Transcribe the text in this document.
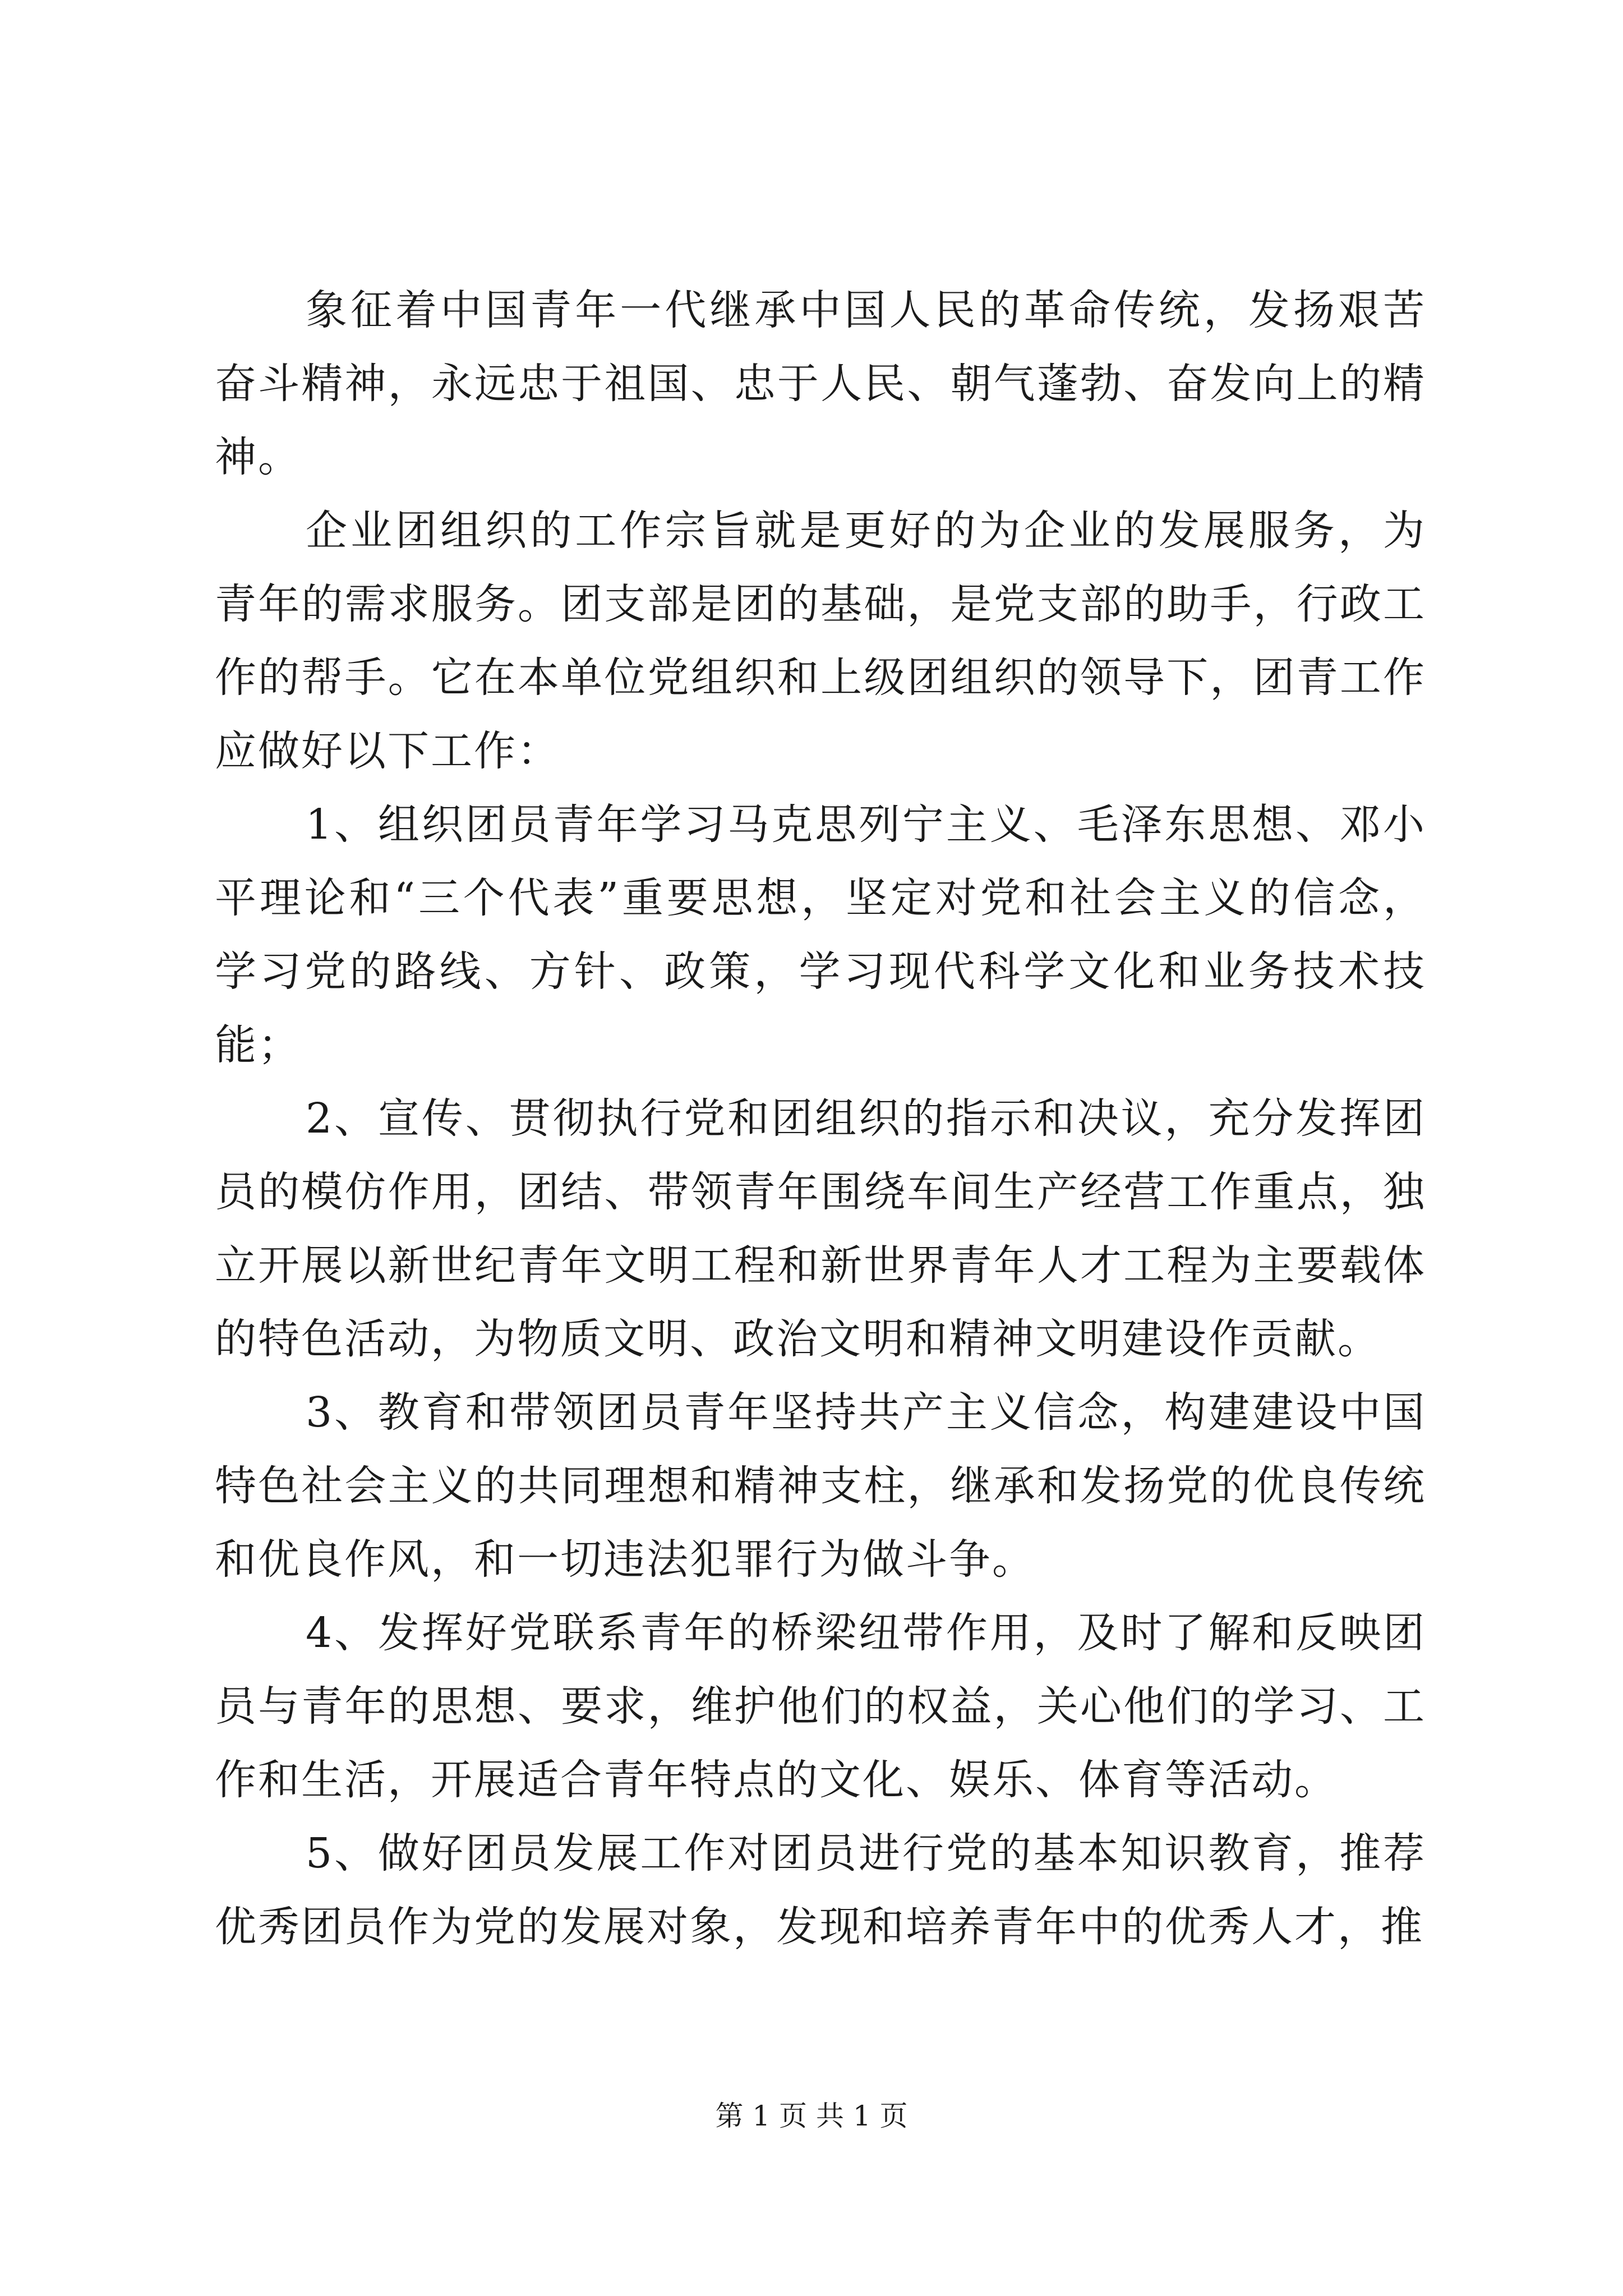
象征着中国青年一代继承中国人民的革命传统，发扬艰苦奋斗精神，永远忠于祖国、忠于人民、朝气蓬勃、奋发向上的精神。

企业团组织的工作宗旨就是更好的为企业的发展服务，为青年的需求服务。团支部是团的基础，是党支部的助手，行政工作的帮手。它在本单位党组织和上级团组织的领导下，团青工作应做好以下工作：

1、组织团员青年学习马克思列宁主义、毛泽东思想、邓小平理论和“三个代表”重要思想，坚定对党和社会主义的信念，学习党的路线、方针、政策，学习现代科学文化和业务技术技能；

2、宣传、贯彻执行党和团组织的指示和决议，充分发挥团员的模仿作用，团结、带领青年围绕车间生产经营工作重点，独立开展以新世纪青年文明工程和新世界青年人才工程为主要载体的特色活动，为物质文明、政治文明和精神文明建设作贡献。

3、教育和带领团员青年坚持共产主义信念，构建建设中国特色社会主义的共同理想和精神支柱，继承和发扬党的优良传统和优良作风，和一切违法犯罪行为做斗争。

4、发挥好党联系青年的桥梁纽带作用，及时了解和反映团员与青年的思想、要求，维护他们的权益，关心他们的学习、工作和生活，开展适合青年特点的文化、娱乐、体育等活动。

5、做好团员发展工作对团员进行党的基本知识教育，推荐优秀团员作为党的发展对象，发现和培养青年中的优秀人才，推

第 1 页 共 1 页
